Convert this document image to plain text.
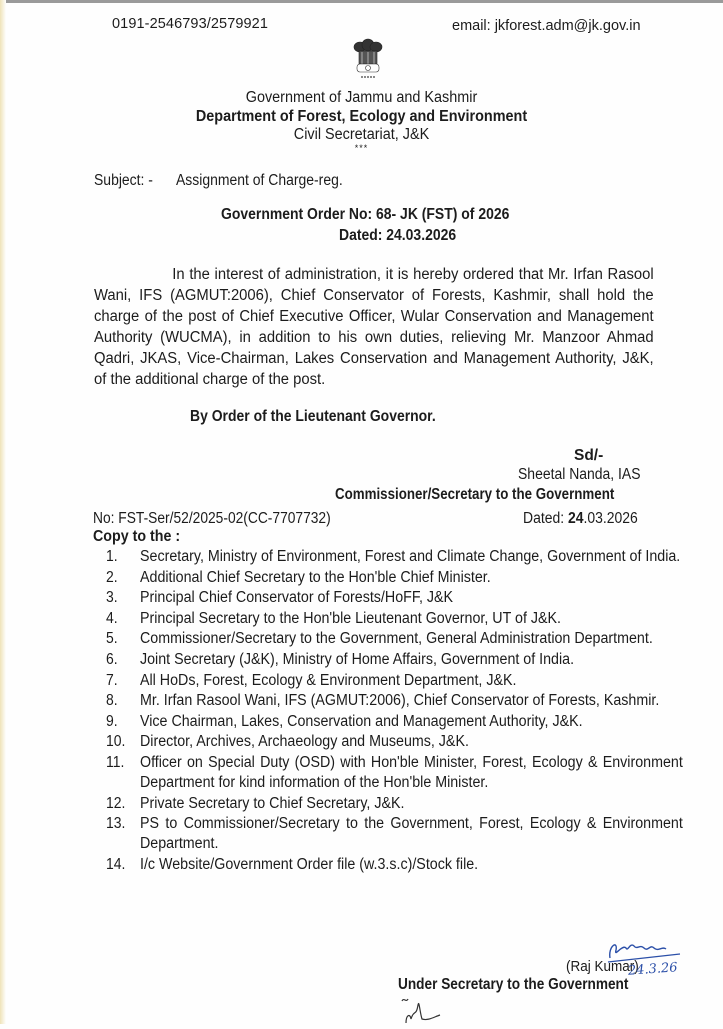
0191-2546793/2579921	email: jkforest.adm@jk.gov.in
Government of Jammu and Kashmir
Department of Forest, Ecology and Environment
Civil Secretariat, J&K
***
Subject: - Assignment of Charge-reg.
Government Order No: 68- JK (FST) of 2026
Dated: 24.03.2026
In the interest of administration, it is hereby ordered that Mr. Irfan Rasool Wani, IFS (AGMUT:2006), Chief Conservator of Forests, Kashmir, shall hold the charge of the post of Chief Executive Officer, Wular Conservation and Management Authority (WUCMA), in addition to his own duties, relieving Mr. Manzoor Ahmad Qadri, JKAS, Vice-Chairman, Lakes Conservation and Management Authority, J&K, of the additional charge of the post.
By Order of the Lieutenant Governor.
Sd/-
Sheetal Nanda, IAS
Commissioner/Secretary to the Government
No: FST-Ser/52/2025-02(CC-7707732)	Dated: 24.03.2026
Copy to the :
1. Secretary, Ministry of Environment, Forest and Climate Change, Government of India.
2. Additional Chief Secretary to the Hon'ble Chief Minister.
3. Principal Chief Conservator of Forests/HoFF, J&K
4. Principal Secretary to the Hon'ble Lieutenant Governor, UT of J&K.
5. Commissioner/Secretary to the Government, General Administration Department.
6. Joint Secretary (J&K), Ministry of Home Affairs, Government of India.
7. All HoDs, Forest, Ecology & Environment Department, J&K.
8. Mr. Irfan Rasool Wani, IFS (AGMUT:2006), Chief Conservator of Forests, Kashmir.
9. Vice Chairman, Lakes, Conservation and Management Authority, J&K.
10. Director, Archives, Archaeology and Museums, J&K.
11. Officer on Special Duty (OSD) with Hon'ble Minister, Forest, Ecology & Environment Department for kind information of the Hon'ble Minister.
12. Private Secretary to Chief Secretary, J&K.
13. PS to Commissioner/Secretary to the Government, Forest, Ecology & Environment Department.
14. I/c Website/Government Order file (w.3.s.c)/Stock file.
(Raj Kumar)
24.3.26
Under Secretary to the Government
